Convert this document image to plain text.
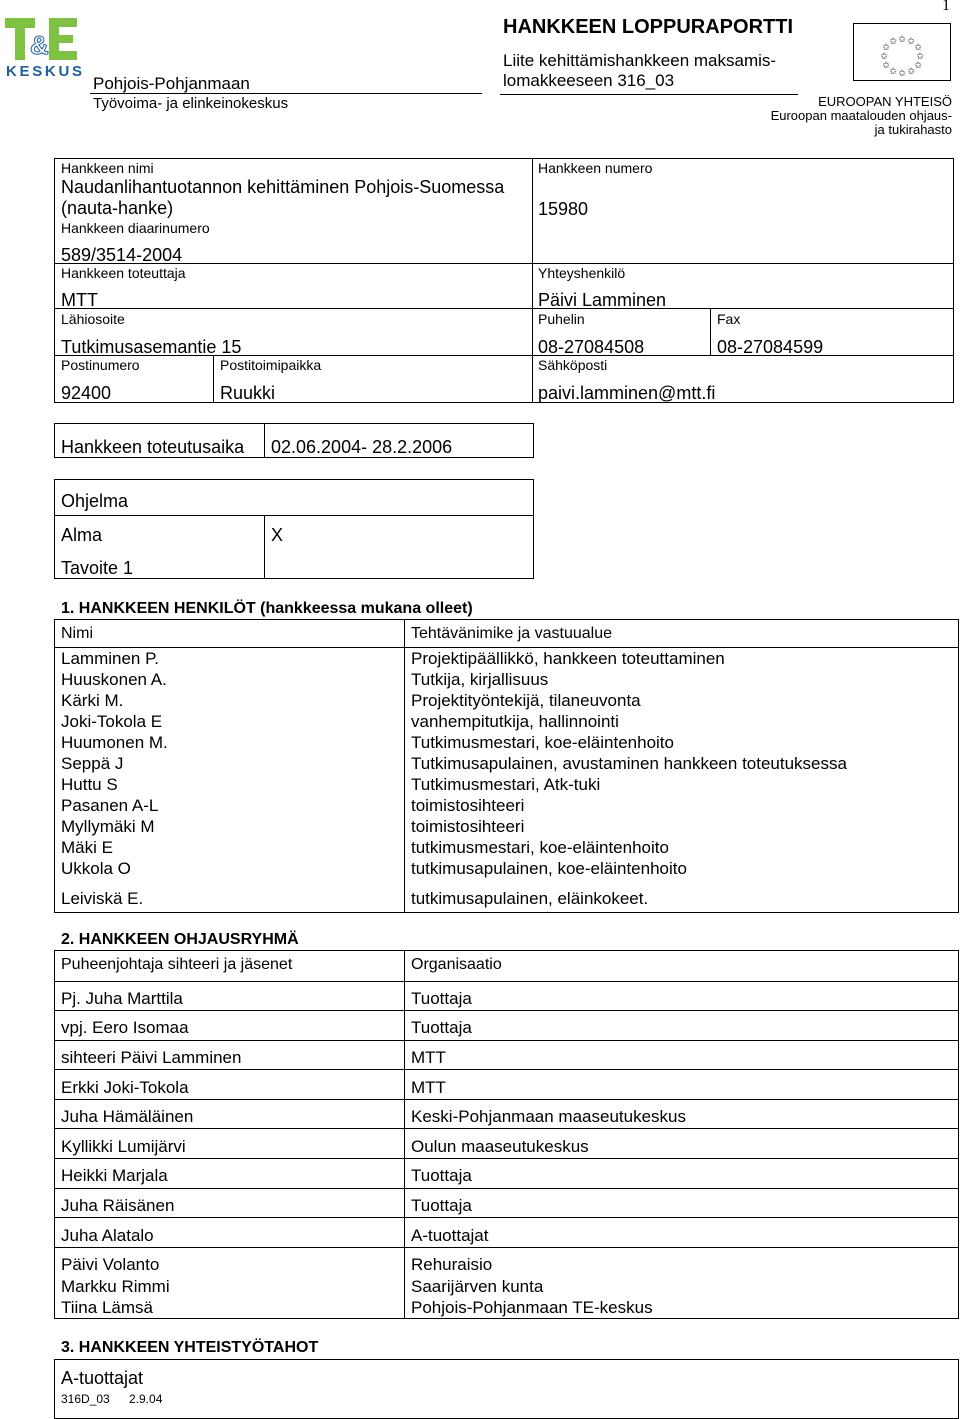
1
&
KESKUS
Pohjois-Pohjanmaan
Työvoima- ja elinkeinokeskus
HANKKEEN LOPPURAPORTTI
Liite kehittämishankkeen maksamis-
lomakkeeseen 316_03
✩ ✩
✩
✩
✩
✩
✩
✩
✩
✩
✩
✩
EUROOPAN YHTEISÖ
Euroopan maatalouden ohjaus-
ja tukirahasto
Hankkeen nimi
Naudanlihantuotannon kehittäminen Pohjois-Suomessa
(nauta-hanke)
Hankkeen numero
15980
Hankkeen diaarinumero
589/3514-2004
Hankkeen toteuttaja
MTT
Yhteyshenkilö
Päivi Lamminen
Lähiosoite
Tutkimusasemantie 15
Puhelin
08-27084508
Fax
08-27084599
Postinumero
92400
Postitoimipaikka
Ruukki
Sähköposti
paivi.lamminen@mtt.fi
Hankkeen toteutusaika 02.06.2004- 28.2.2006
Ohjelma
Alma	X
Tavoite 1
1. HANKKEEN HENKILÖT (hankkeessa mukana olleet)
Nimi	Tehtävänimike ja vastuualue
Lamminen P.	Projektipäällikkö, hankkeen toteuttaminen
Huuskonen A.	Tutkija, kirjallisuus
Kärki M.	Projektityöntekijä, tilaneuvonta
Joki-Tokola E	vanhempitutkija, hallinnointi
Huumonen M.	Tutkimusmestari, koe-eläintenhoito
Seppä J	Tutkimusapulainen, avustaminen hankkeen toteutuksessa
Huttu S	Tutkimusmestari, Atk-tuki
Pasanen A-L	toimistosihteeri
Myllymäki M	toimistosihteeri
Mäki E	tutkimusmestari, koe-eläintenhoito
Ukkola O	tutkimusapulainen, koe-eläintenhoito
Leiviskä E.	tutkimusapulainen, eläinkokeet.
2. HANKKEEN OHJAUSRYHMÄ
Puheenjohtaja sihteeri ja jäsenet	Organisaatio
Pj. Juha Marttila	Tuottaja
vpj. Eero Isomaa	Tuottaja
sihteeri Päivi Lamminen	MTT
Erkki Joki-Tokola	MTT
Juha Hämäläinen	Keski-Pohjanmaan maaseutukeskus
Kyllikki Lumijärvi	Oulun maaseutukeskus
Heikki Marjala	Tuottaja
Juha Räisänen	Tuottaja
Juha Alatalo	A-tuottajat
Päivi Volanto	Rehuraisio
Markku Rimmi	Saarijärven kunta
Tiina Lämsä	Pohjois-Pohjanmaan TE-keskus
3. HANKKEEN YHTEISTYÖTAHOT
A-tuottajat
316D_03 2.9.04
